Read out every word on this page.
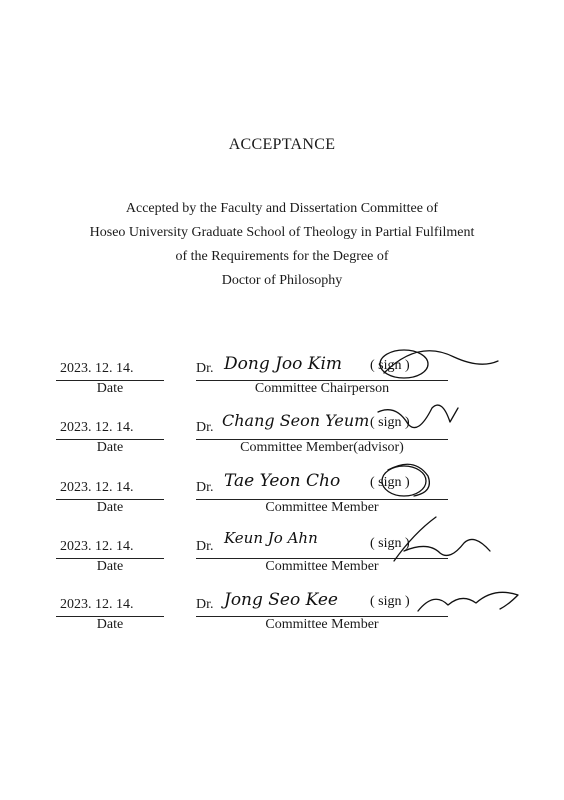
ACCEPTANCE
Accepted by the Faculty and Dissertation Committee of
Hoseo University Graduate School of Theology in Partial Fulfilment
of the Requirements for the Degree of
Doctor of Philosophy
2023. 12. 14.
Date
Dr.
Committee Chairperson
Dong Joo Kim ( sign )
2023. 12. 14.
Date
Dr.
Committee Member(advisor)
Chang Seon Yeum ( sign )
2023. 12. 14.
Date
Dr.
Committee Member
Tae Yeon Cho ( sign )
2023. 12. 14.
Date
Dr.
Committee Member
Keun Jo Ahn	( sign )
2023. 12. 14.
Date
Dr.
Committee Member
Jong Seo Kee ( sign )
